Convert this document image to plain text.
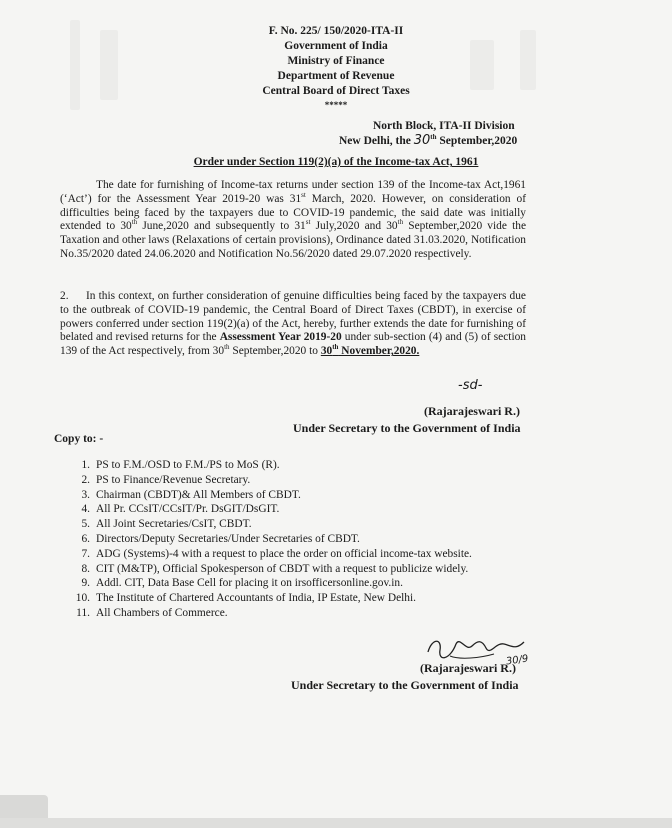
F. No. 225/ 150/2020-ITA-II
Government of India
Ministry of Finance
Department of Revenue
Central Board of Direct Taxes
*****
North Block, ITA-II Division
New Delhi, the 30th September,2020
Order under Section 119(2)(a) of the Income-tax Act, 1961
The date for furnishing of Income-tax returns under section 139 of the Income-tax Act,1961 (‘Act’) for the Assessment Year 2019-20 was 31st March, 2020. However, on consideration of difficulties being faced by the taxpayers due to COVID-19 pandemic, the said date was initially extended to 30th June,2020 and subsequently to 31st July,2020 and 30th September,2020 vide the Taxation and other laws (Relaxations of certain provisions), Ordinance dated 31.03.2020, Notification No.35/2020 dated 24.06.2020 and Notification No.56/2020 dated 29.07.2020 respectively.
2. In this context, on further consideration of genuine difficulties being faced by the taxpayers due to the outbreak of COVID-19 pandemic, the Central Board of Direct Taxes (CBDT), in exercise of powers conferred under section 119(2)(a) of the Act, hereby, further extends the date for furnishing of belated and revised returns for the Assessment Year 2019-20 under sub-section (4) and (5) of section 139 of the Act respectively, from 30th September,2020 to 30th November,2020.
-sd-
(Rajarajeswari R.)
Under Secretary to the Government of India
Copy to: -
1. PS to F.M./OSD to F.M./PS to MoS (R).
2. PS to Finance/Revenue Secretary.
3. Chairman (CBDT)& All Members of CBDT.
4. All Pr. CCsIT/CCsIT/Pr. DsGIT/DsGIT.
5. All Joint Secretaries/CsIT, CBDT.
6. Directors/Deputy Secretaries/Under Secretaries of CBDT.
7. ADG (Systems)-4 with a request to place the order on official income-tax website.
8. CIT (M&TP), Official Spokesperson of CBDT with a request to publicize widely.
9. Addl. CIT, Data Base Cell for placing it on irsofficersonline.gov.in.
10. The Institute of Chartered Accountants of India, IP Estate, New Delhi.
11. All Chambers of Commerce.
(Rajarajeswari R.)
30/9
Under Secretary to the Government of India
